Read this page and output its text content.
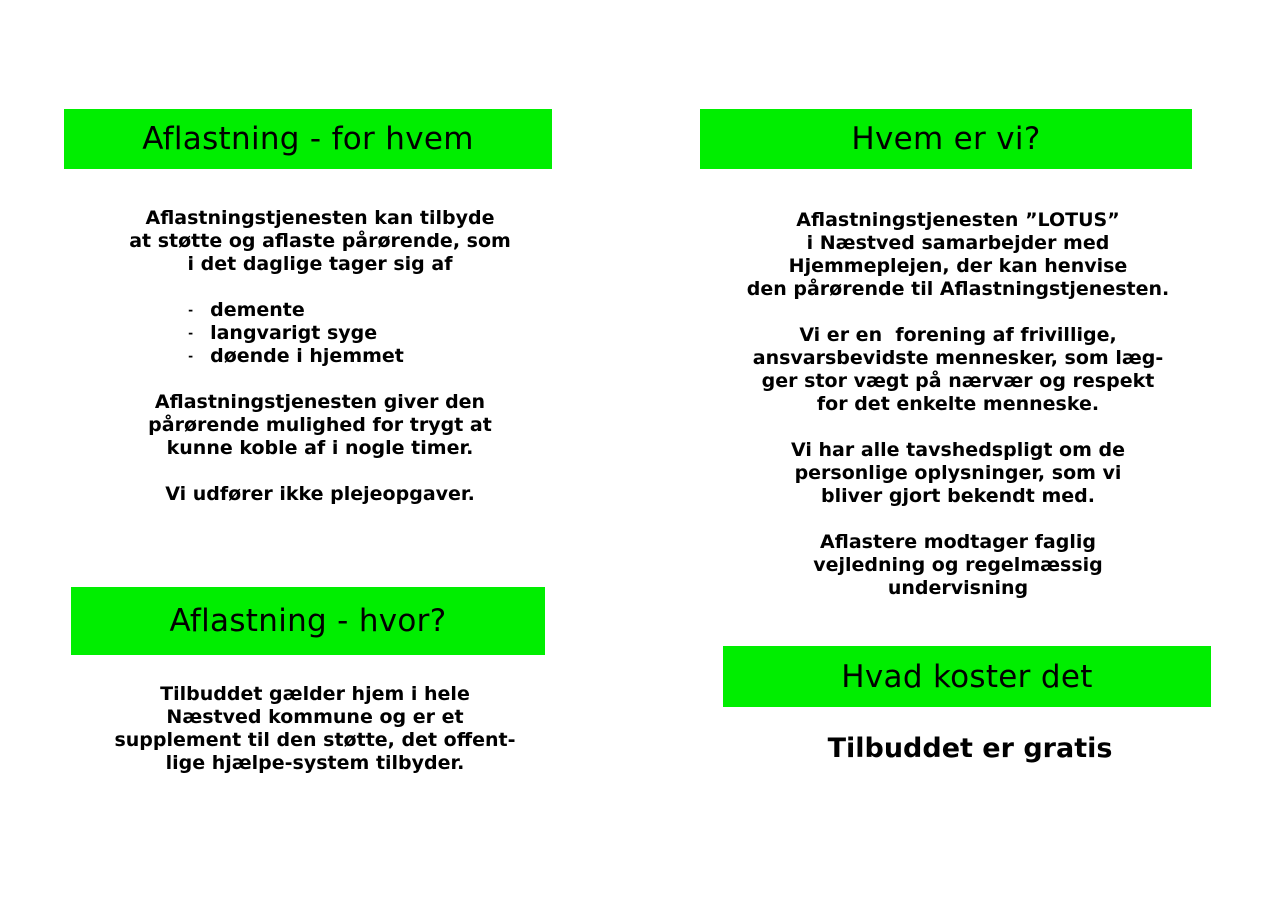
Aflastning - for hvem

Aflastningstjenesten kan tilbyde

at støtte og aflaste pårørende, som

i det daglige tager sig af

- demente
- langvarigt syge
- døende i hjemmet

Aflastningstjenesten giver den

pårørende mulighed for trygt at

kunne koble af i nogle timer.

Vi udfører ikke plejeopgaver.

Hvem er vi?

Aflastningstjenesten ”LOTUS”

i Næstved samarbejder med

Hjemmeplejen, der kan henvise

den pårørende til Aflastningstjenesten.

Vi er en  forening af frivillige,

ansvarsbevidste mennesker, som læg-

ger stor vægt på nærvær og respekt

for det enkelte menneske.

Vi har alle tavshedspligt om de

personlige oplysninger, som vi

bliver gjort bekendt med.

Aflastere modtager faglig

vejledning og regelmæssig

undervisning

Aflastning - hvor?

Tilbuddet gælder hjem i hele

Næstved kommune og er et

supplement til den støtte, det offent-

lige hjælpe-system tilbyder.

Hvad koster det

Tilbuddet er gratis
